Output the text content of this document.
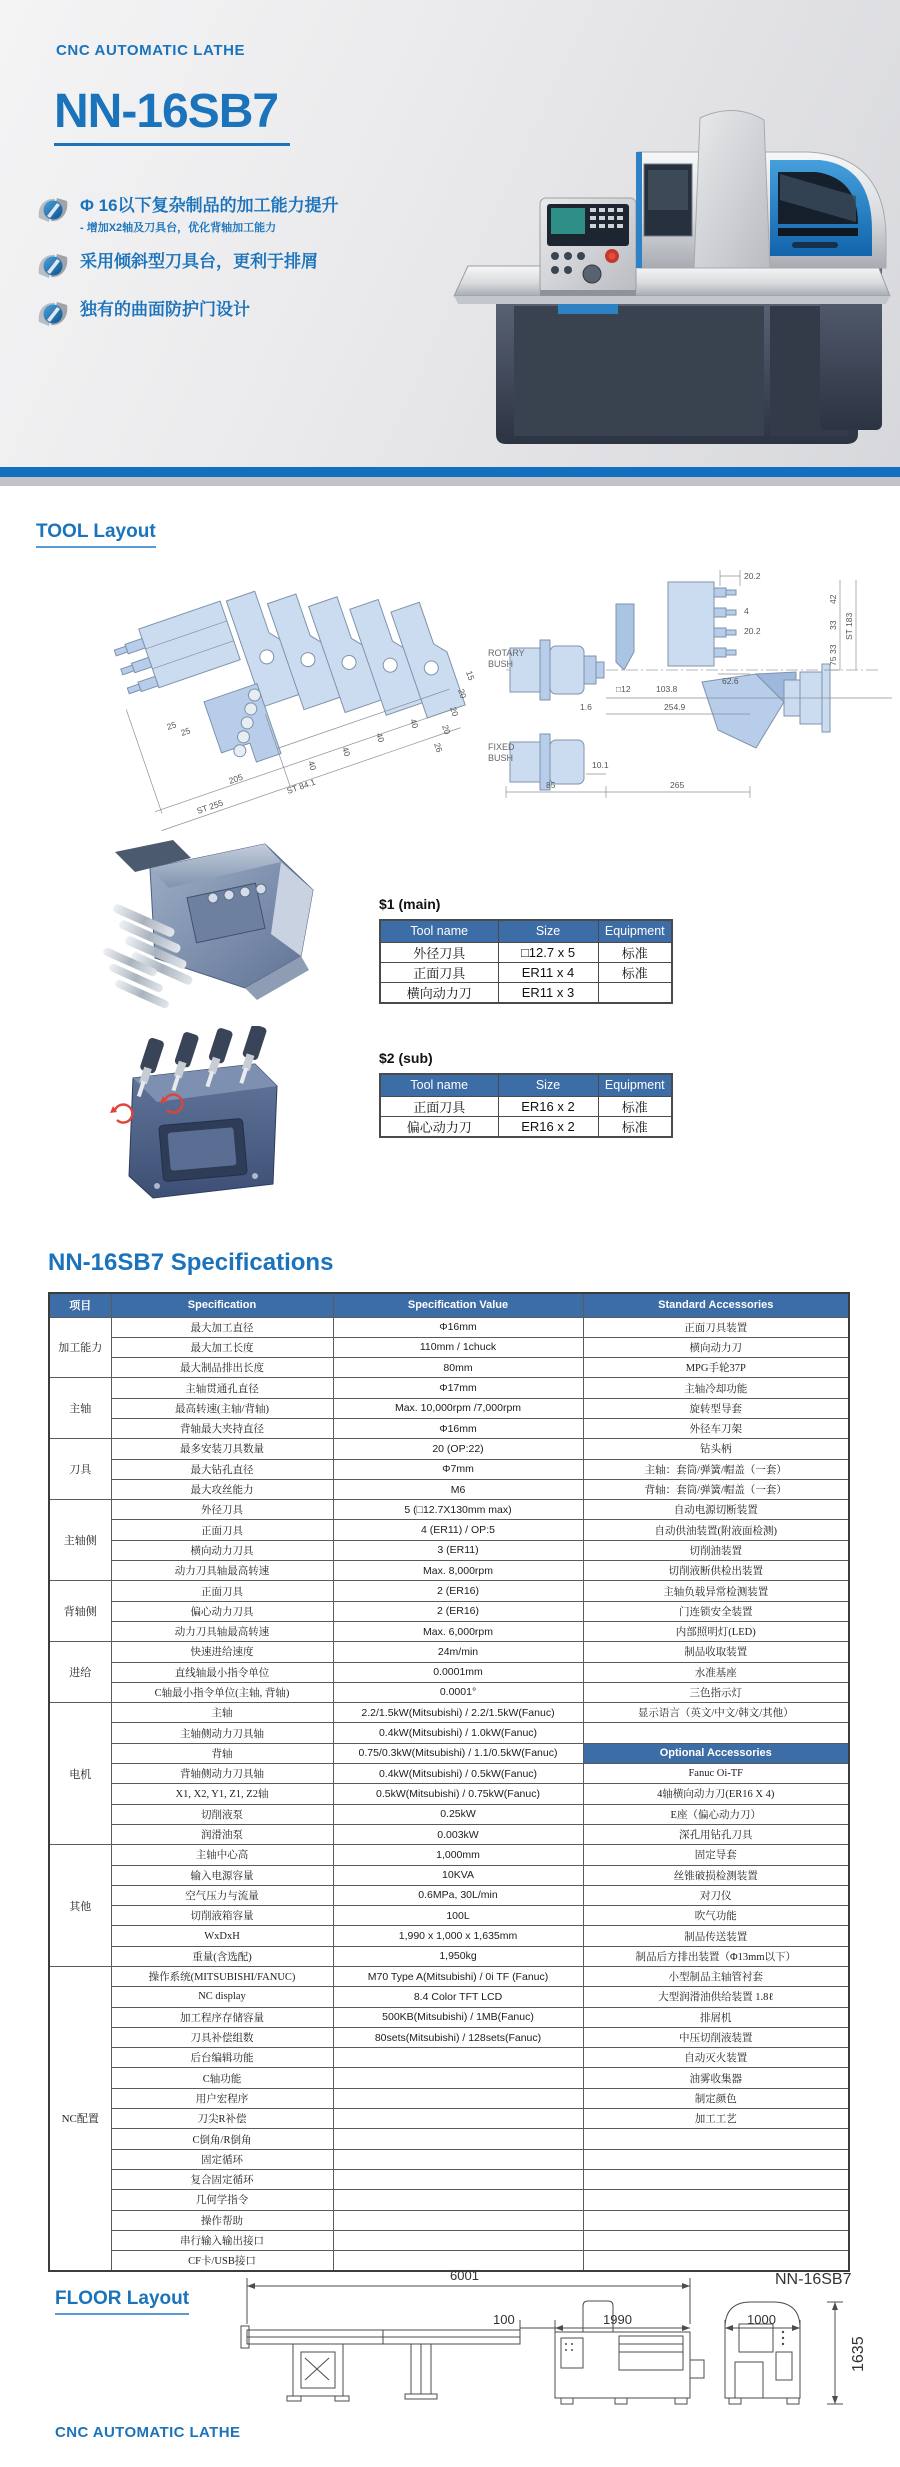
CNC AUTOMATIC LATHE
NN-16SB7
Φ 16以下复杂制品的加工能力提升
- 增加X2轴及刀具台，优化背轴加工能力
采用倾斜型刀具台，更利于排屑
独有的曲面防护门设计
TOOL Layout
25 25
205
ST 255
ST 84.1
40
40
40
40
15
20
20
20
26
ROTARY
BUSH
FIXED
BUSH
20.2
4
20.2
62.6
42
33
33
ST 183
75
□12	103.8
1.6	254.9
10.1
85	265
$1 (main)
Tool name	Size	Equipment
外径刀具	□12.7 x 5	标准
正面刀具	ER11 x 4	标准
横向动力刀	ER11 x 3	
$2 (sub)
Tool name	Size	Equipment
正面刀具	ER16 x 2	标准
偏心动力刀	ER16 x 2	标准
NN-16SB7 Specifications
项目	Specification	Specification Value	Standard Accessories
加工能力	最大加工直径	Φ16mm	正面刀具装置
	最大加工长度	110mm / 1chuck	横向动力刀
	最大制品排出长度	80mm	MPG手轮37P
主轴	主轴贯通孔直径	Φ17mm	主轴冷却功能
	最高转速(主轴/背轴)	Max. 10,000rpm /7,000rpm	旋转型导套
	背轴最大夹持直径	Φ16mm	外径车刀架
刀具	最多安装刀具数量	20 (OP:22)	钻头柄
	最大钻孔直径	Φ7mm	主轴：套筒/弹簧/帽盖（一套）
	最大攻丝能力	M6	背轴：套筒/弹簧/帽盖（一套）
主轴侧	外径刀具	5 (□12.7X130mm max)	自动电源切断装置
	正面刀具	4 (ER11) / OP:5	自动供油装置(附液面检测)
	横向动力刀具	3 (ER11)	切削油装置
	动力刀具轴最高转速	Max. 8,000rpm	切削液断供检出装置
背轴侧	正面刀具	2 (ER16)	主轴负载异常检测装置
	偏心动力刀具	2 (ER16)	门连锁安全装置
	动力刀具轴最高转速	Max. 6,000rpm	内部照明灯(LED)
进给	快速进给速度	24m/min	制品收取装置
	直线轴最小指令单位	0.0001mm	水准基座
	C轴最小指令单位(主轴, 背轴)	0.0001°	三色指示灯
电机	主轴	2.2/1.5kW(Mitsubishi) / 2.2/1.5kW(Fanuc)	显示语言（英文/中文/韩文/其他）
	主轴侧动力刀具轴	0.4kW(Mitsubishi) / 1.0kW(Fanuc)	
	背轴	0.75/0.3kW(Mitsubishi) / 1.1/0.5kW(Fanuc)	Optional Accessories
	背轴侧动力刀具轴	0.4kW(Mitsubishi) / 0.5kW(Fanuc)	Fanuc Oi-TF
	X1, X2, Y1, Z1, Z2轴	0.5kW(Mitsubishi) / 0.75kW(Fanuc)	4轴横向动力刀(ER16 X 4)
	切削液泵	0.25kW	E座（偏心动力刀）
	润滑油泵	0.003kW	深孔用钻孔刀具
其他	主轴中心高	1,000mm	固定导套
	输入电源容量	10KVA	丝锥破损检测装置
	空气压力与流量	0.6MPa, 30L/min	对刀仪
	切削液箱容量	100L	吹气功能
	WxDxH	1,990 x 1,000 x 1,635mm	制品传送装置
	重量(含选配)	1,950kg	制品后方排出装置（Φ13mm以下）
NC配置	操作系统(MITSUBISHI/FANUC)	M70 Type A(Mitsubishi) / 0i TF (Fanuc)	小型制品主轴管衬套
	NC display	8.4 Color TFT LCD	大型润滑油供给装置 1.8ℓ
	加工程序存储容量	500KB(Mitsubishi) / 1MB(Fanuc)	排屑机
	刀具补偿组数	80sets(Mitsubishi) / 128sets(Fanuc)	中压切削液装置
	后台编辑功能		自动灭火装置
	C轴功能		油雾收集器
	用户宏程序		制定颜色
	刀尖R补偿		加工工艺
	C倒角/R倒角		
	固定循环		
	复合固定循环		
	几何学指令		
	操作帮助		
	串行输入输出接口		
	CF卡/USB接口		
FLOOR Layout
6001
100	1990	1000
NN-16SB7
1635
CNC AUTOMATIC LATHE
